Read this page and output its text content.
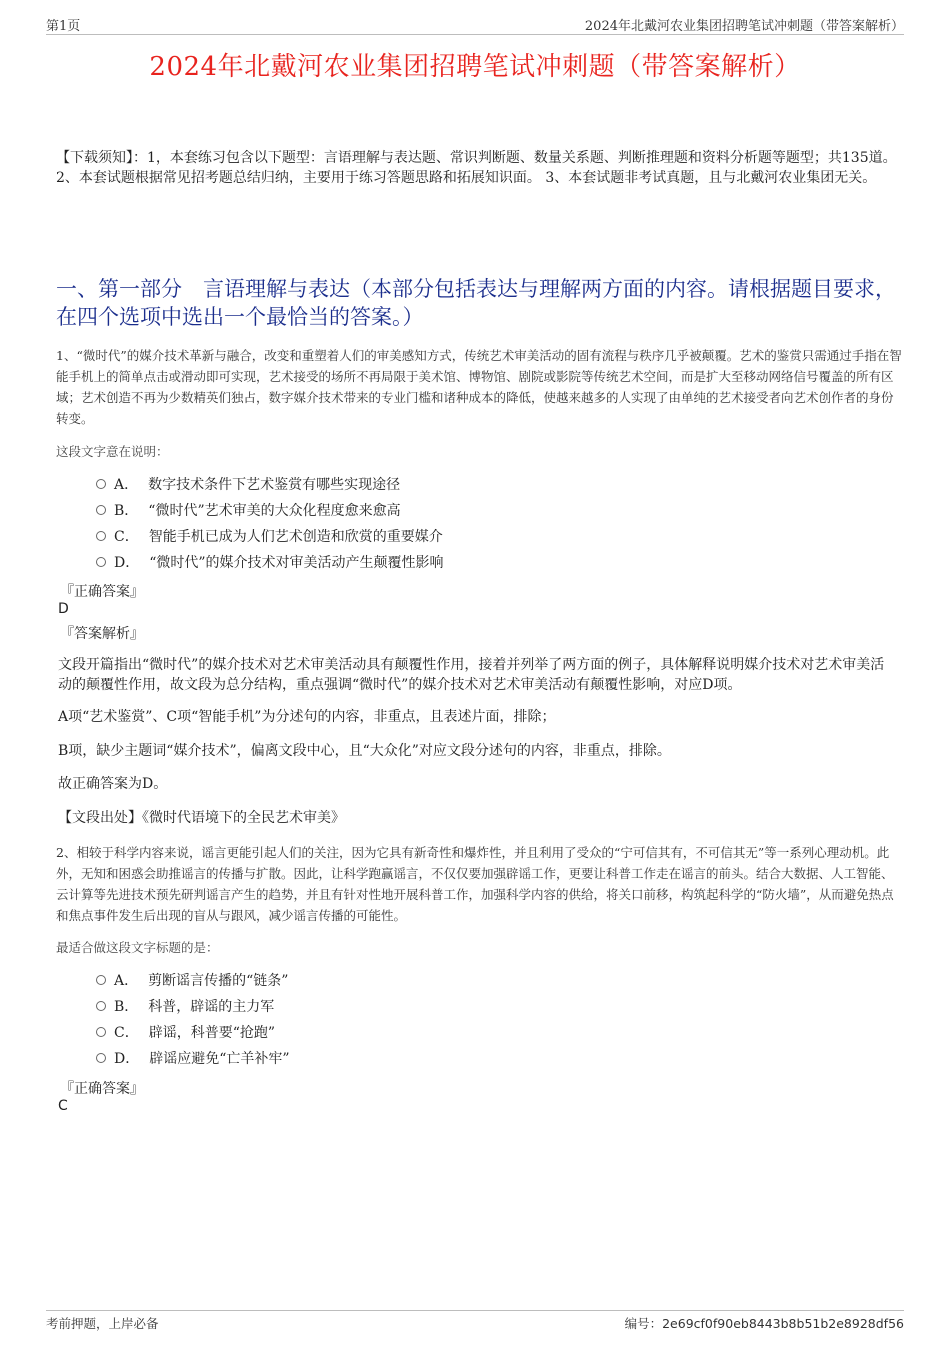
第1页	2024年北戴河农业集团招聘笔试冲刺题（带答案解析）
2024年北戴河农业集团招聘笔试冲刺题（带答案解析）
【下载须知】：1，本套练习包含以下题型：言语理解与表达题、常识判断题、数量关系题、判断推理题和资料分析题等题型；共135道。 2、本套试题根据常见招考题总结归纳，主要用于练习答题思路和拓展知识面。 3、本套试题非考试真题，且与北戴河农业集团无关。
一、第一部分　言语理解与表达（本部分包括表达与理解两方面的内容。请根据题目要求，在四个选项中选出一个最恰当的答案。）
1、“微时代”的媒介技术革新与融合，改变和重塑着人们的审美感知方式，传统艺术审美活动的固有流程与秩序几乎被颠覆。艺术的鉴赏只需通过手指在智能手机上的简单点击或滑动即可实现，艺术接受的场所不再局限于美术馆、博物馆、剧院或影院等传统艺术空间，而是扩大至移动网络信号覆盖的所有区域；艺术创造不再为少数精英们独占，数字媒介技术带来的专业门槛和诸种成本的降低，使越来越多的人实现了由单纯的艺术接受者向艺术创作者的身份转变。
这段文字意在说明：
A． 数字技术条件下艺术鉴赏有哪些实现途径
B． “微时代”艺术审美的大众化程度愈来愈高
C． 智能手机已成为人们艺术创造和欣赏的重要媒介
D． “微时代”的媒介技术对审美活动产生颠覆性影响
『正确答案』
D
『答案解析』
文段开篇指出“微时代”的媒介技术对艺术审美活动具有颠覆性作用，接着并列举了两方面的例子，具体解释说明媒介技术对艺术审美活动的颠覆性作用，故文段为总分结构，重点强调“微时代”的媒介技术对艺术审美活动有颠覆性影响，对应D项。
A项“艺术鉴赏”、C项“智能手机”为分述句的内容，非重点，且表述片面，排除；
B项，缺少主题词“媒介技术”，偏离文段中心，且“大众化”对应文段分述句的内容，非重点，排除。
故正确答案为D。
【文段出处】《微时代语境下的全民艺术审美》
2、相较于科学内容来说，谣言更能引起人们的关注，因为它具有新奇性和爆炸性，并且利用了受众的“宁可信其有，不可信其无”等一系列心理动机。此外，无知和困惑会助推谣言的传播与扩散。因此，让科学跑赢谣言，不仅仅要加强辟谣工作，更要让科普工作走在谣言的前头。结合大数据、人工智能、云计算等先进技术预先研判谣言产生的趋势，并且有针对性地开展科普工作，加强科学内容的供给，将关口前移，构筑起科学的“防火墙”，从而避免热点和焦点事件发生后出现的盲从与跟风，减少谣言传播的可能性。
最适合做这段文字标题的是：
A． 剪断谣言传播的“链条”
B． 科普，辟谣的主力军
C． 辟谣，科普要“抢跑”
D． 辟谣应避免“亡羊补牢”
『正确答案』
C
考前押题，上岸必备	编号：2e69cf0f90eb8443b8b51b2e8928df56
